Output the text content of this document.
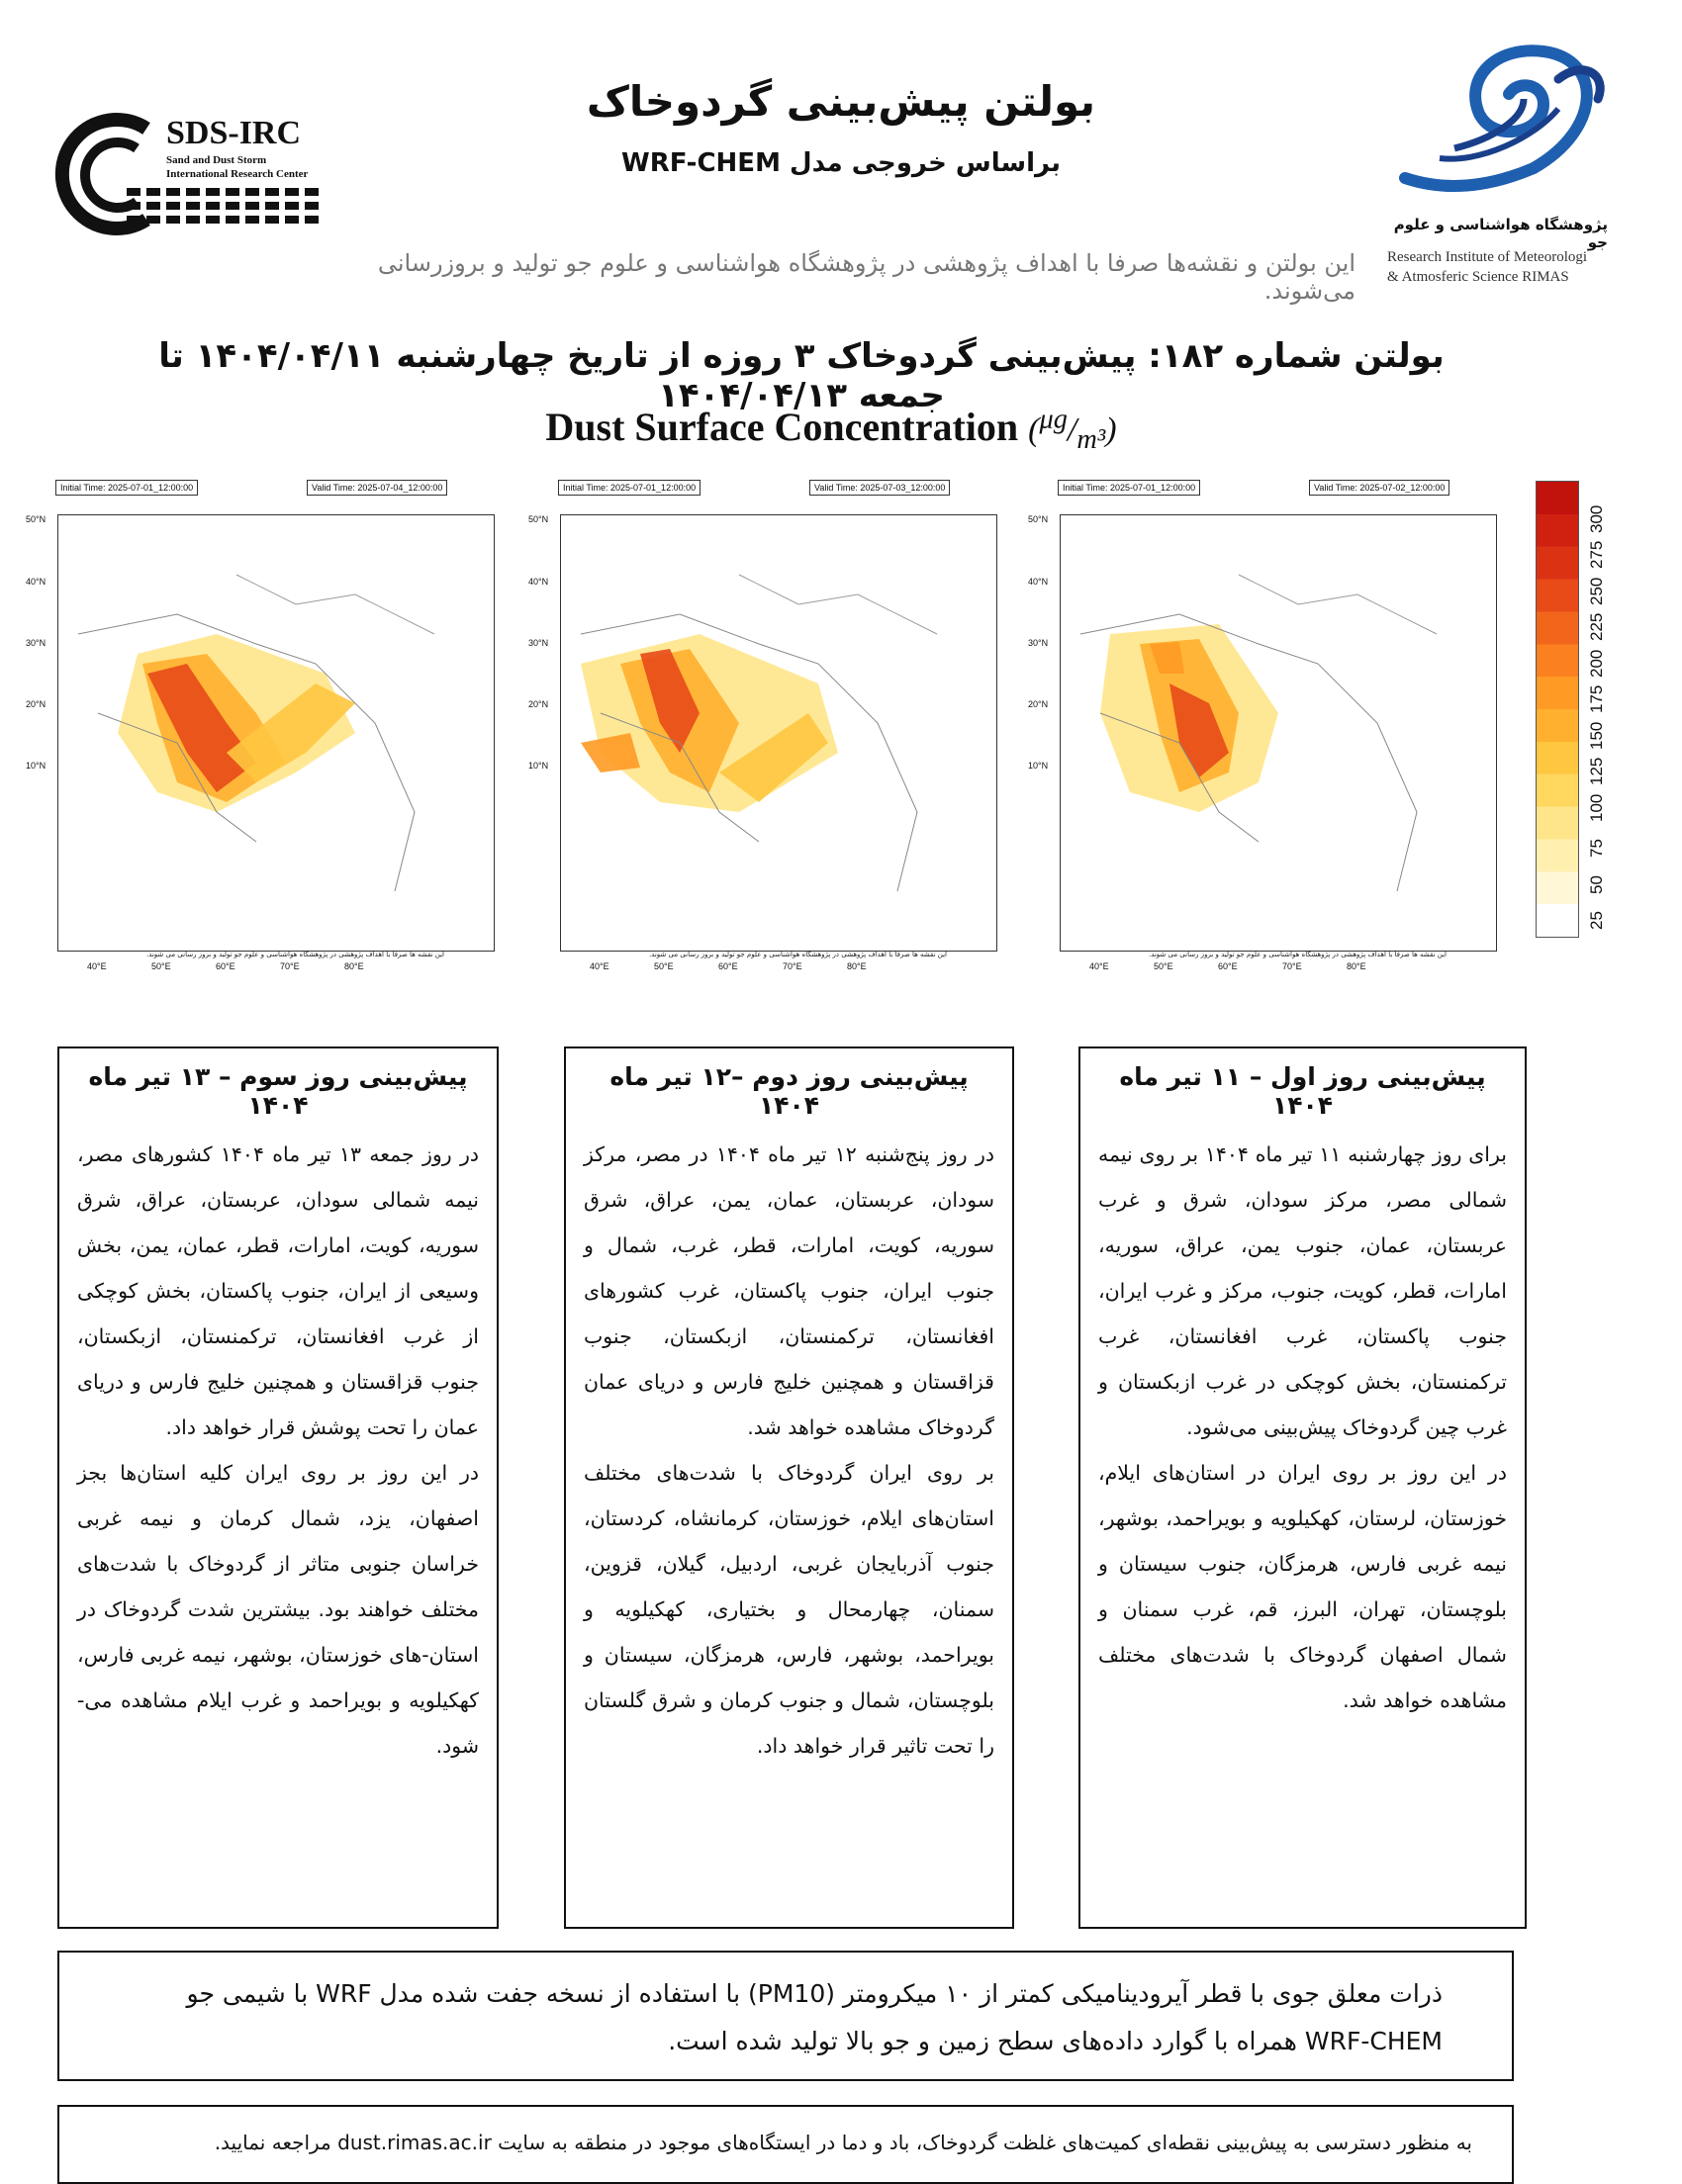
بولتن پیش‌بینی گردوخاک
براساس خروجی مدل WRF-CHEM
SDS-IRC
Sand and Dust Storm
International Research Center
پژوهشگاه هواشناسی و علوم جو
Research Institute of Meteorologi
& Atmosferic Science RIMAS
این بولتن و نقشه‌ها صرفا با اهداف پژوهشی در پژوهشگاه هواشناسی و علوم جو تولید و بروزرسانی می‌شوند.
بولتن شماره ۱۸۲: پیش‌بینی گردوخاک ۳ روزه از تاریخ چهارشنبه ۱۴۰۴/۰۴/۱۱ تا جمعه ۱۴۰۴/۰۴/۱۳
Dust Surface Concentration $(^{\mu g}/_{m^3})$
Initial Time: 2025-07-01_12:00:00	Valid Time: 2025-07-04_12:00:00
این نقشه ها صرفا با اهداف پژوهشی در پژوهشگاه هواشناسی و علوم جو تولید و بروز رسانی می شوند.
50°N
40°N
30°N
20°N
10°N
40°E	50°E	60°E	70°E	80°E
Initial Time: 2025-07-01_12:00:00	Valid Time: 2025-07-03_12:00:00
این نقشه ها صرفا با اهداف پژوهشی در پژوهشگاه هواشناسی و علوم جو تولید و بروز رسانی می شوند.
50°N
40°N
30°N
20°N
10°N
40°E	50°E	60°E	70°E	80°E
Initial Time: 2025-07-01_12:00:00	Valid Time: 2025-07-02_12:00:00
این نقشه ها صرفا با اهداف پژوهشی در پژوهشگاه هواشناسی و علوم جو تولید و بروز رسانی می شوند.
50°N
40°N
30°N
20°N
10°N
40°E	50°E	60°E	70°E	80°E
25
50
75
100
125
150
175
200
225
250
275
300
پیش‌بینی روز سوم – ۱۳ تیر ماه ۱۴۰۴

در روز جمعه ۱۳ تیر ماه ۱۴۰۴ کشورهای مصر، نیمه شمالی سودان، عربستان، عراق، شرق سوریه، کویت، امارات، قطر، عمان، یمن، بخش وسیعی از ایران، جنوب پاکستان، بخش کوچکی از غرب افغانستان، ترکمنستان، ازبکستان، جنوب قزاقستان و همچنین خلیج فارس و دریای عمان را تحت پوشش قرار خواهد داد.

در این روز بر روی ایران کلیه استان‌ها بجز اصفهان، یزد، شمال کرمان و نیمه غربی خراسان جنوبی متاثر از گردوخاک با شدت‌های مختلف خواهند بود. بیشترین شدت گردوخاک در استان-های خوزستان، بوشهر، نیمه غربی فارس، کهکیلویه و بویراحمد و غرب ایلام مشاهده می-شود.

پیش‌بینی روز دوم –۱۲ تیر ماه ۱۴۰۴

در روز پنج‌شنبه ۱۲ تیر ماه ۱۴۰۴ در مصر، مرکز سودان، عربستان، عمان، یمن، عراق، شرق سوریه، کویت، امارات، قطر، غرب، شمال و جنوب ایران، جنوب پاکستان، غرب کشورهای افغانستان، ترکمنستان، ازبکستان، جنوب قزاقستان و همچنین خلیج فارس و دریای عمان گردوخاک مشاهده خواهد شد.

بر روی ایران گردوخاک با شدت‌های مختلف استان‌های ایلام، خوزستان، کرمانشاه، کردستان، جنوب آذربایجان غربی، اردبیل، گیلان، قزوین، سمنان، چهارمحال و بختیاری، کهکیلویه و بویراحمد، بوشهر، فارس، هرمزگان، سیستان و بلوچستان، شمال و جنوب کرمان و شرق گلستان را تحت تاثیر قرار خواهد داد.

پیش‌بینی روز اول – ۱۱ تیر ماه ۱۴۰۴

برای روز چهارشنبه ۱۱ تیر ماه ۱۴۰۴ بر روی نیمه شمالی مصر، مرکز سودان، شرق و غرب عربستان، عمان، جنوب یمن، عراق، سوریه، امارات، قطر، کویت، جنوب، مرکز و غرب ایران، جنوب پاکستان، غرب افغانستان، غرب ترکمنستان، بخش کوچکی در غرب ازبکستان و غرب چین گردوخاک پیش‌بینی می‌شود.

در این روز بر روی ایران در استان‌های ایلام، خوزستان، لرستان، کهکیلویه و بویراحمد، بوشهر، نیمه غربی فارس، هرمزگان، جنوب سیستان و بلوچستان، تهران، البرز، قم، غرب سمنان و شمال اصفهان گردوخاک با شدت‌های مختلف مشاهده خواهد شد.

ذرات معلق جوی با قطر آیرودینامیکی کمتر از ۱۰ میکرومتر (PM10) با استفاده از نسخه جفت شده مدل WRF با شیمی جو WRF-CHEM همراه با گوارد داده‌های سطح زمین و جو بالا تولید شده است.
به منظور دسترسی به پیش‌بینی نقطه‌ای کمیت‌های غلظت گردوخاک، باد و دما در ایستگاه‌های موجود در منطقه به سایت dust.rimas.ac.ir مراجعه نمایید.
